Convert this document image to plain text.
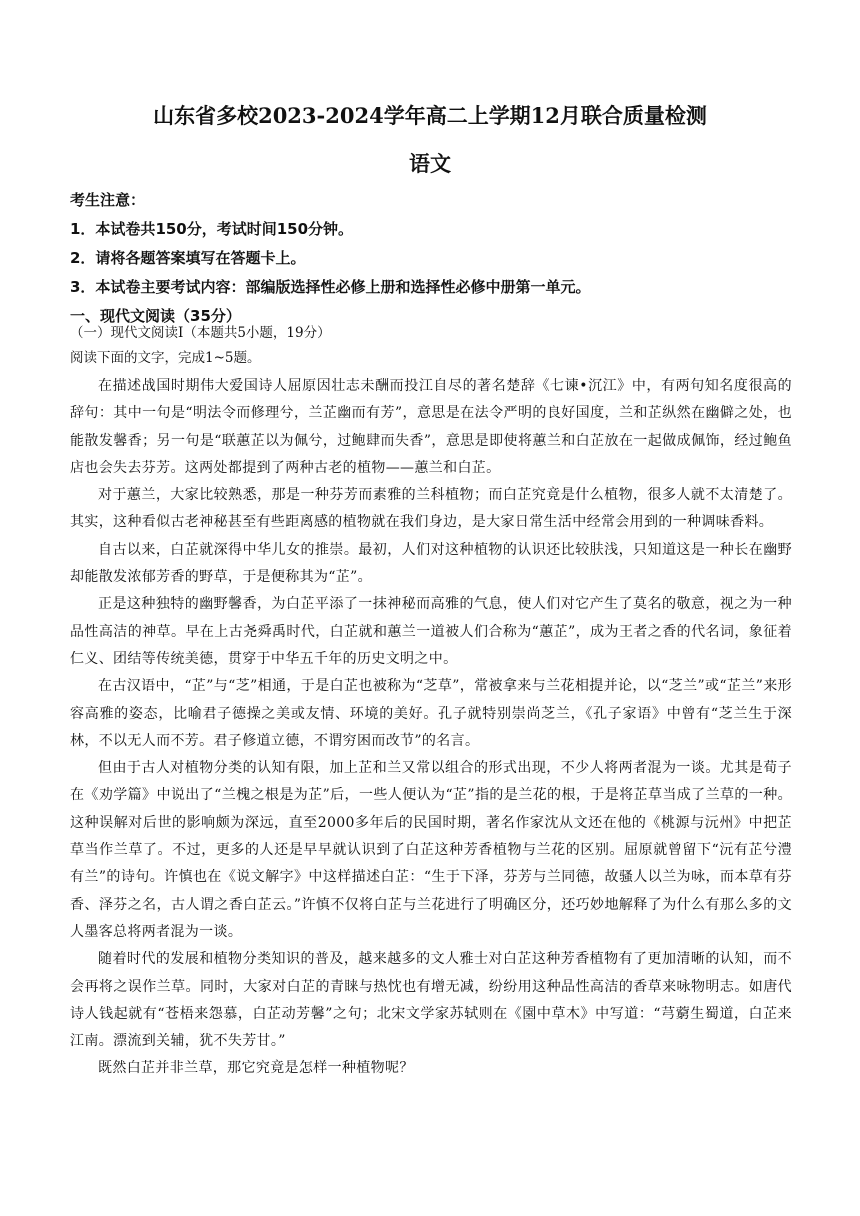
山东省多校2023-2024学年高二上学期12月联合质量检测
语文
考生注意：
1．本试卷共150分，考试时间150分钟。
2．请将各题答案填写在答题卡上。
3．本试卷主要考试内容：部编版选择性必修上册和选择性必修中册第一单元。
一、现代文阅读（35分）
（一）现代文阅读I（本题共5小题，19分）
阅读下面的文字，完成1~5题。

在描述战国时期伟大爱国诗人屈原因壮志未酬而投江自尽的著名楚辞《七谏•沉江》中，有两句知名度很高的辞句：其中一句是“明法令而修理兮，兰芷幽而有芳”，意思是在法令严明的良好国度，兰和芷纵然在幽僻之处，也能散发馨香；另一句是“联蕙芷以为佩兮，过鲍肆而失香”，意思是即使将蕙兰和白芷放在一起做成佩饰，经过鲍鱼店也会失去芬芳。这两处都提到了两种古老的植物——蕙兰和白芷。

对于蕙兰，大家比较熟悉，那是一种芬芳而素雅的兰科植物；而白芷究竟是什么植物，很多人就不太清楚了。其实，这种看似古老神秘甚至有些距离感的植物就在我们身边，是大家日常生活中经常会用到的一种调味香料。

自古以来，白芷就深得中华儿女的推崇。最初，人们对这种植物的认识还比较肤浅，只知道这是一种长在幽野却能散发浓郁芳香的野草，于是便称其为“芷”。

正是这种独特的幽野馨香，为白芷平添了一抹神秘而高雅的气息，使人们对它产生了莫名的敬意，视之为一种品性高洁的神草。早在上古尧舜禹时代，白芷就和蕙兰一道被人们合称为“蕙芷”，成为王者之香的代名词，象征着仁义、团结等传统美德，贯穿于中华五千年的历史文明之中。

在古汉语中，“芷”与“芝”相通，于是白芷也被称为“芝草”，常被拿来与兰花相提并论，以“芝兰”或“芷兰”来形容高雅的姿态，比喻君子德操之美或友情、环境的美好。孔子就特别崇尚芝兰，《孔子家语》中曾有“芝兰生于深林，不以无人而不芳。君子修道立德，不谓穷困而改节”的名言。

但由于古人对植物分类的认知有限，加上芷和兰又常以组合的形式出现，不少人将两者混为一谈。尤其是荀子在《劝学篇》中说出了“兰槐之根是为芷”后，一些人便认为“芷”指的是兰花的根，于是将芷草当成了兰草的一种。这种误解对后世的影响颇为深远，直至2000多年后的民国时期，著名作家沈从文还在他的《桃源与沅州》中把芷草当作兰草了。不过，更多的人还是早早就认识到了白芷这种芳香植物与兰花的区别。屈原就曾留下“沅有芷兮澧有兰”的诗句。许慎也在《说文解字》中这样描述白芷：“生于下泽，芬芳与兰同德，故骚人以兰为咏，而本草有芬香、泽芬之名，古人谓之香白芷云。”许慎不仅将白芷与兰花进行了明确区分，还巧妙地解释了为什么有那么多的文人墨客总将两者混为一谈。

随着时代的发展和植物分类知识的普及，越来越多的文人雅士对白芷这种芳香植物有了更加清晰的认知，而不会再将之误作兰草。同时，大家对白芷的青睐与热忱也有增无减，纷纷用这种品性高洁的香草来咏物明志。如唐代诗人钱起就有“苍梧来怨慕，白芷动芳馨”之句；北宋文学家苏轼则在《園中草木》中写道：“芎藭生蜀道，白芷来江南。漂流到关辅，犹不失芳甘。”

既然白芷并非兰草，那它究竟是怎样一种植物呢？
